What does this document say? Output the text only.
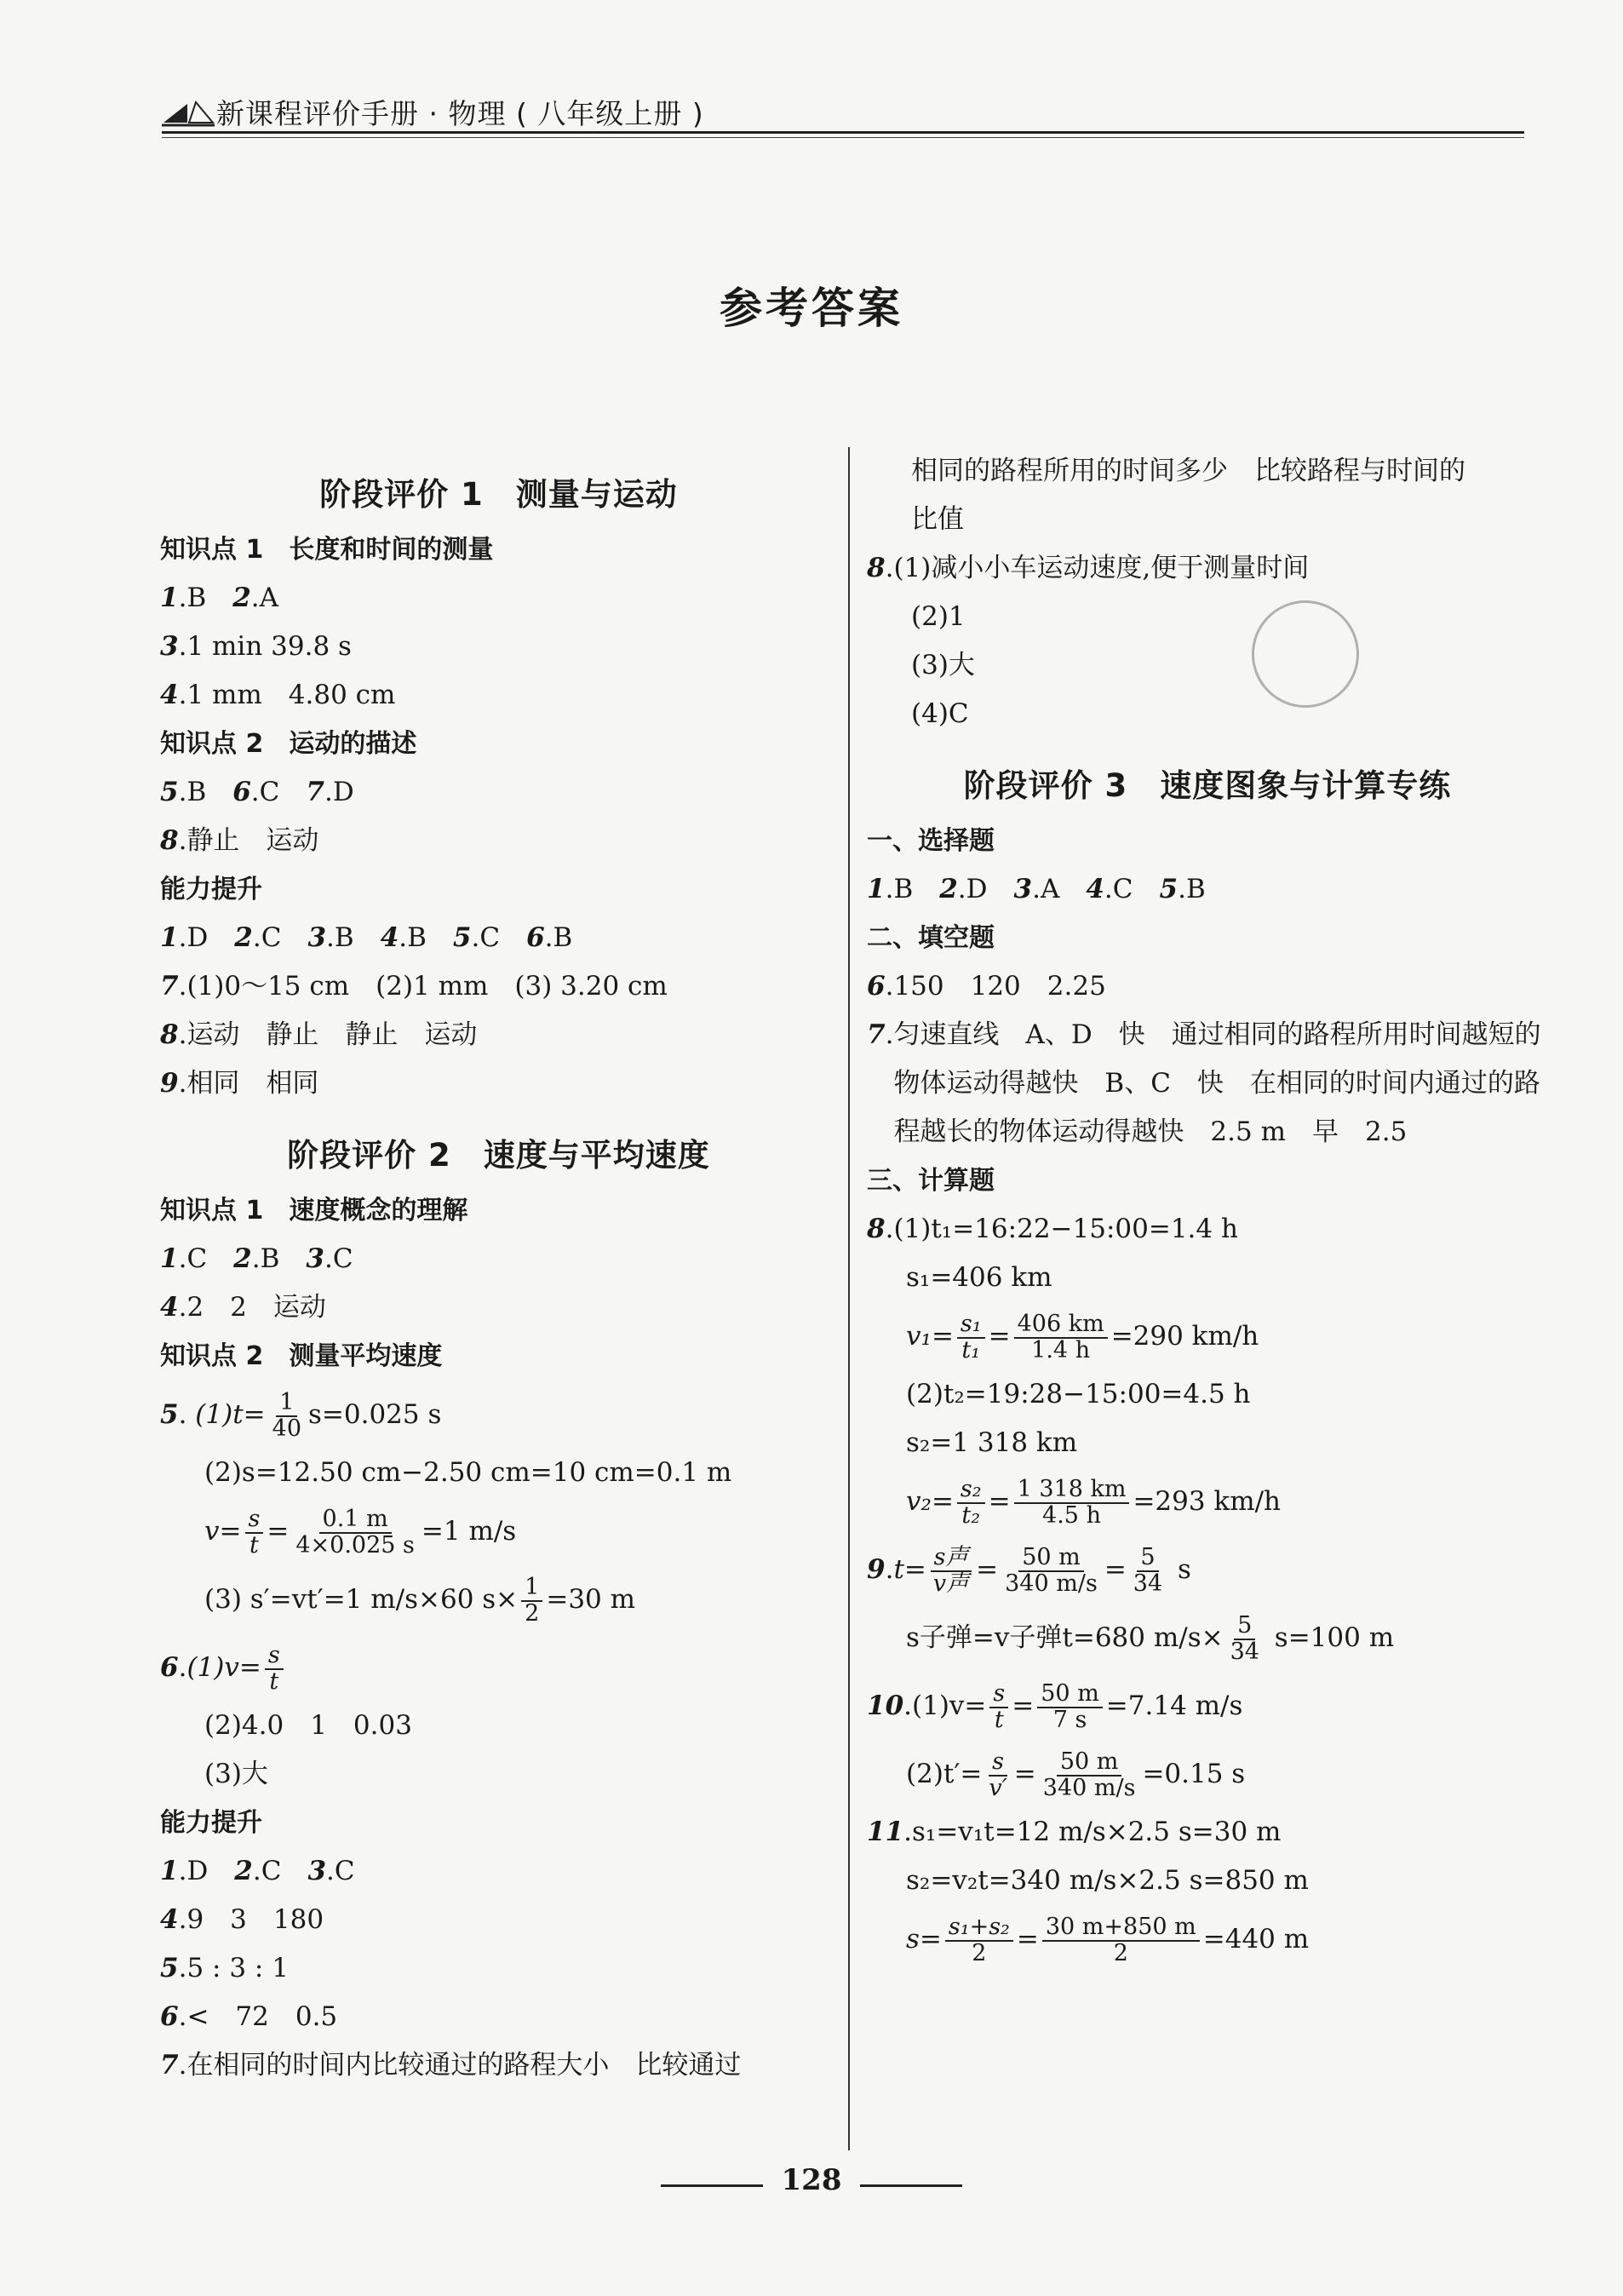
新课程评价手册 · 物理 ( 八年级上册 )
参考答案
阶段评价 1　测量与运动
知识点 1　长度和时间的测量
1.B　 2.A
3.1 min 39.8 s
4.1 mm　4.80 cm
知识点 2　运动的描述
5.B　 6.C　 7.D
8.静止　运动
能力提升
1.D　 2.C　 3.B　 4.B　 5.C　 6.B
7.(1)0～15 cm　(2)1 mm　(3) 3.20 cm
8.运动　静止　静止　运动
9.相同　相同
阶段评价 2　速度与平均速度
知识点 1　速度概念的理解
1.C　 2.B　 3.C
4.2　2　运动
知识点 2　测量平均速度
5. $(1)t= \frac{1}{40} s=0.025$ s
(2)s=12.50 cm−2.50 cm=10 cm=0.1 m
$v= \frac{s}{t} = \frac{0.1 m}{4\times 0.025 s} =1$ m/s
(3) s′=vt′=1 m/s×60 $s\times \frac{1}{2} =30$ m
$6.(1)v= \frac{s}{t}$
(2)4.0　1　0.03
(3)大
能力提升
1.D　 2.C　 3.C
4.9　3　180
5.5 : 3 : 1
6.<　72　0.5
7.在相同的时间内比较通过的路程大小　比较通过
相同的路程所用的时间多少　比较路程与时间的
比值
8.(1)减小小车运动速度,便于测量时间
(2)1
(3)大
(4)C
阶段评价 3　速度图象与计算专练
一、选择题
1.B　 2.D　 3.A　 4.C　 5.B
二、填空题
6.150　120　2.25
7 . 匀速直线　A、D　快　通过相同的路程所用时间越短的物体运动得越快　B、C　快　在相同的时间内通过的路程越长的物体运动得越快　2.5 m　早　2.5
三、计算题
8.(1)t₁=16:22−15:00=1.4 h
s₁=406 km
$v_1= \frac{\text{s₁}}{\text{t₁}} = \frac{406 km}{1.4 h} =290$ km/h
(2)t₂=19:28−15:00=4.5 h
s₂=1 318 km
$v_2= \frac{\text{s₂}}{\text{t₂}} = \frac{1 318 km}{4.5 h} =293$ km/h
9.t= s声
v声 = $\frac{50 m}{340 m/s} = \frac{5}{34}$ s
s子弹=v子弹t=680 $m/s\times \frac{5}{34} s=100$ m
$10.(1)v= \frac{s}{t} = \frac{50 m}{7 s} =7.14$ m/s
$(2)t'= \frac{s}{v'} = \frac{50 m}{340 m/s} =0.15$ s
11.s₁=v₁t=12 m/s×2.5 s=30 m
s₂=v₂t=340 m/s×2.5 s=850 m
$s= \frac{\text{s₁+s₂}}{2} = \frac{30 m+850 m}{2} =440$ m
128
